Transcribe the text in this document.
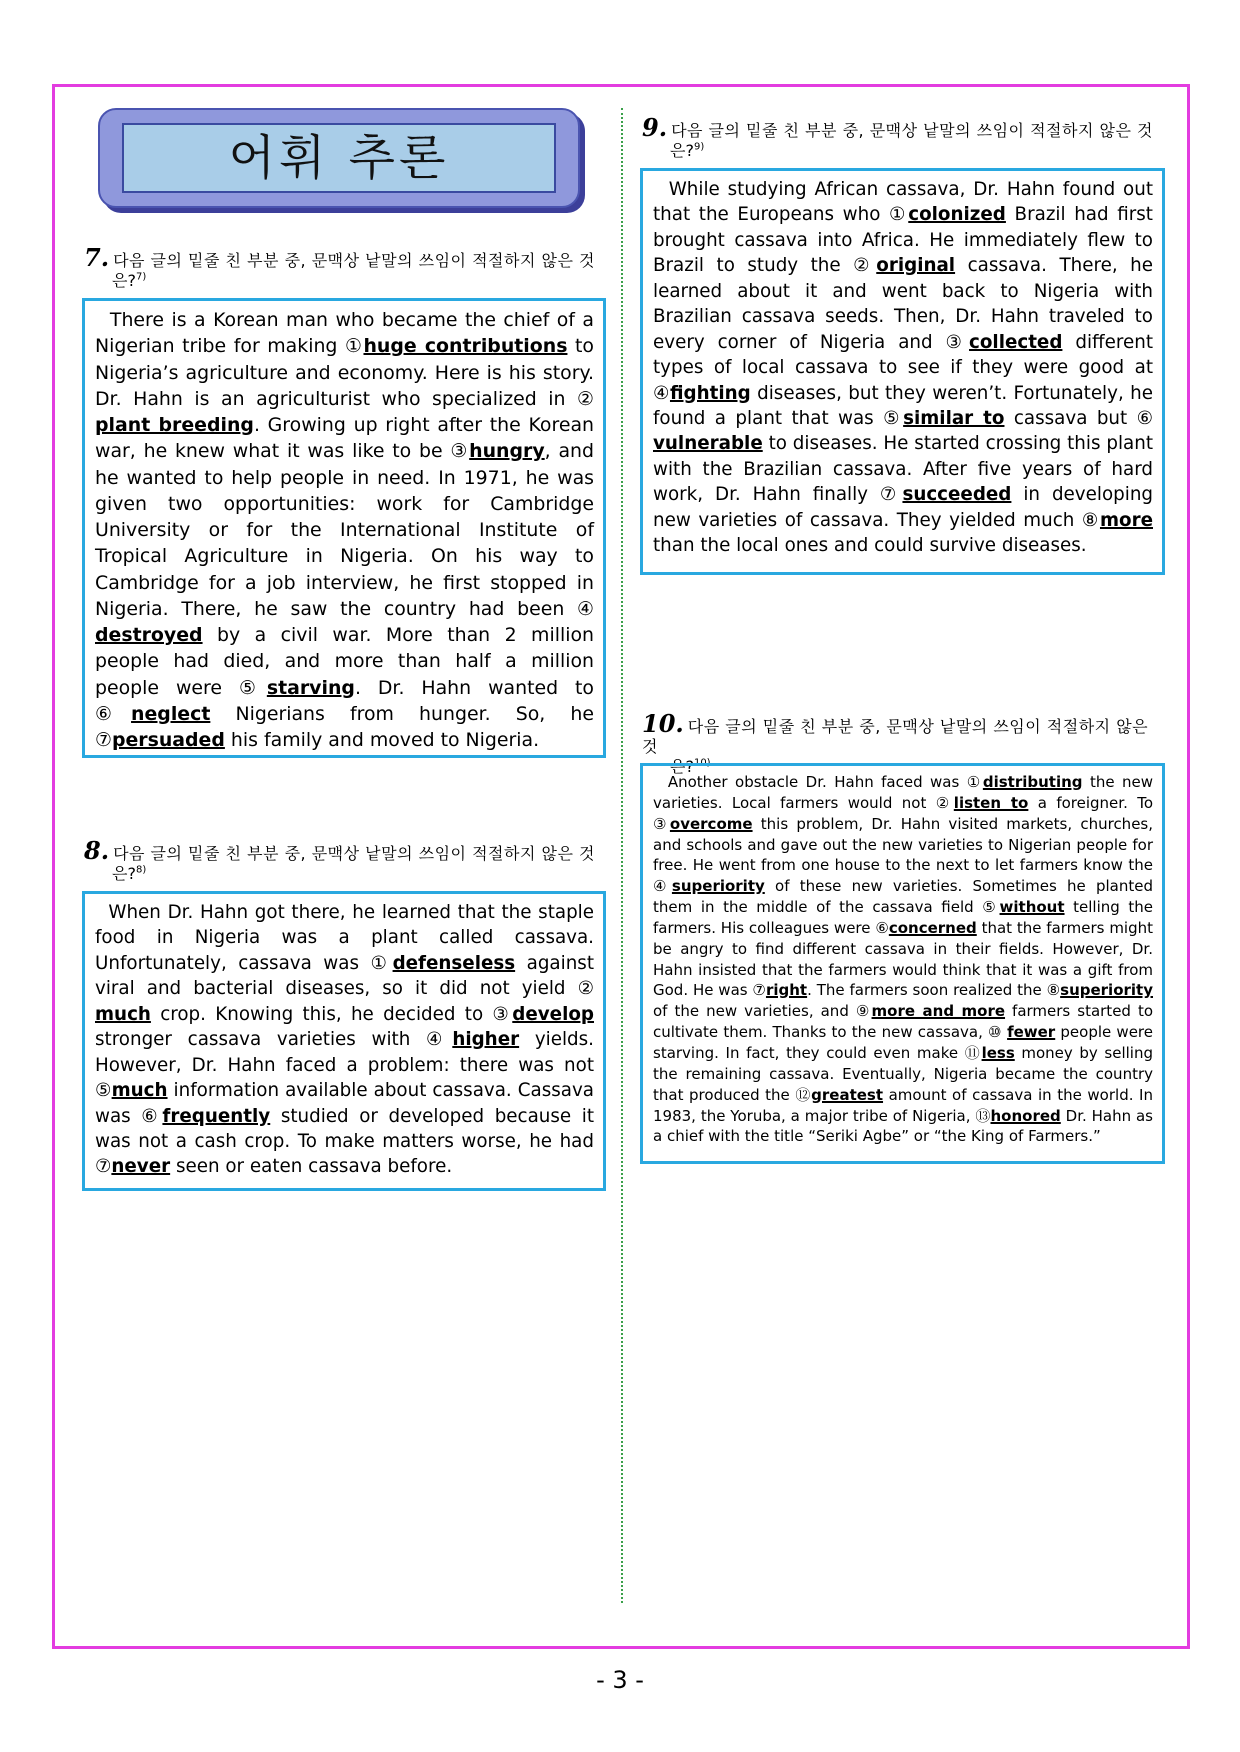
어휘 추론
7. 다음 글의 밑줄 친 부분 중, 문맥상 낱말의 쓰임이 적절하지 않은 것
은?$^{7)}$
There is a Korean man who became the chief of a Nigerian tribe for making ①huge contributions to Nigeria’s agriculture and economy. Here is his story. Dr. Hahn is an agriculturist who specialized in ② plant breeding. Growing up right after the Korean war, he knew what it was like to be ③hungry, and he wanted to help people in need. In 1971, he was given two opportunities: work for Cambridge University or for the International Institute of Tropical Agriculture in Nigeria. On his way to Cambridge for a job interview, he first stopped in Nigeria. There, he saw the country had been ④ destroyed by a civil war. More than 2 million people had died, and more than half a million people were ⑤starving. Dr. Hahn wanted to ⑥neglect Nigerians from hunger. So, he ⑦persuaded his family and moved to Nigeria.
8. 다음 글의 밑줄 친 부분 중, 문맥상 낱말의 쓰임이 적절하지 않은 것
은?$^{8)}$
When Dr. Hahn got there, he learned that the staple food in Nigeria was a plant called cassava. Unfortunately, cassava was ①defenseless against viral and bacterial diseases, so it did not yield ② much crop. Knowing this, he decided to ③develop stronger cassava varieties with ④higher yields. However, Dr. Hahn faced a problem: there was not ⑤much information available about cassava. Cassava was ⑥frequently studied or developed because it was not a cash crop. To make matters worse, he had ⑦never seen or eaten cassava before.
9. 다음 글의 밑줄 친 부분 중, 문맥상 낱말의 쓰임이 적절하지 않은 것
은?$^{9)}$
While studying African cassava, Dr. Hahn found out that the Europeans who ①colonized Brazil had first brought cassava into Africa. He immediately flew to Brazil to study the ②original cassava. There, he learned about it and went back to Nigeria with Brazilian cassava seeds. Then, Dr. Hahn traveled to every corner of Nigeria and ③collected different types of local cassava to see if they were good at ④fighting diseases, but they weren’t. Fortunately, he found a plant that was ⑤similar to cassava but ⑥ vulnerable to diseases. He started crossing this plant with the Brazilian cassava. After five years of hard work, Dr. Hahn finally ⑦succeeded in developing new varieties of cassava. They yielded much ⑧more than the local ones and could survive diseases.
10. 다음 글의 밑줄 친 부분 중, 문맥상 낱말의 쓰임이 적절하지 않은 것
은?$^{10)}$
Another obstacle Dr. Hahn faced was ①distributing the new varieties. Local farmers would not ②listen to a foreigner. To ③overcome this problem, Dr. Hahn visited markets, churches, and schools and gave out the new varieties to Nigerian people for free. He went from one house to the next to let farmers know the ④superiority of these new varieties. Sometimes he planted them in the middle of the cassava field ⑤without telling the farmers. His colleagues were ⑥concerned that the farmers might be angry to find different cassava in their fields. However, Dr. Hahn insisted that the farmers would think that it was a gift from God. He was ⑦right. The farmers soon realized the ⑧superiority of the new varieties, and ⑨more and more farmers started to cultivate them. Thanks to the new cassava, ⑩ fewer people were starving. In fact, they could even make ⑪less money by selling the remaining cassava. Eventually, Nigeria became the country that produced the ⑫greatest amount of cassava in the world. In 1983, the Yoruba, a major tribe of Nigeria, ⑬honored Dr. Hahn as a chief with the title “Seriki Agbe” or “the King of Farmers.”
- 3 -
